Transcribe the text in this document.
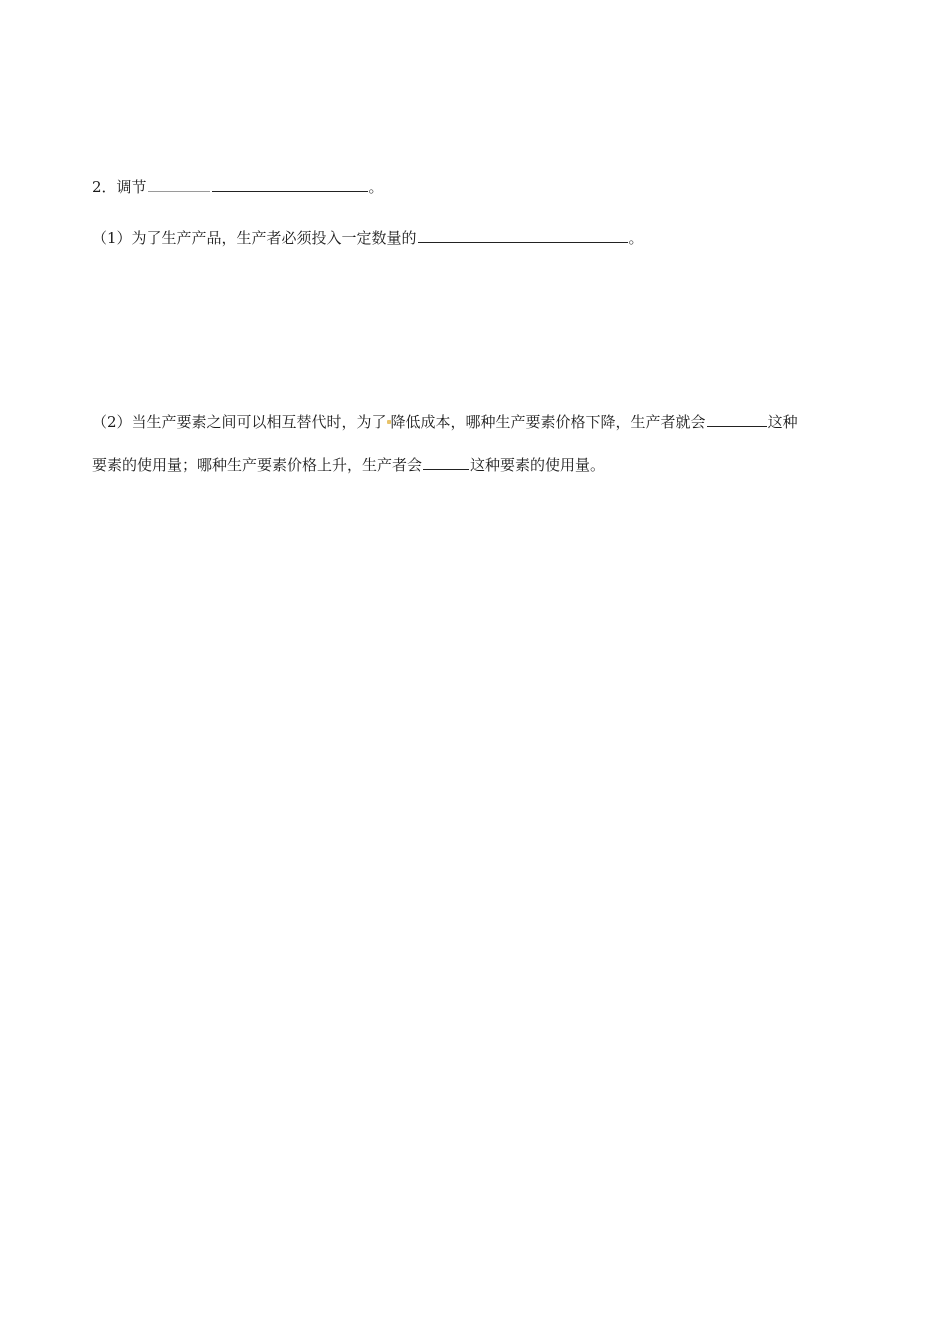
2．调节	。
（1）为了生产产品，生产者必须投入一定数量的	。
（2）当生产要素之间可以相互替代时，为了 降低成本，哪种生产要素价格下降，生产者就会	这种
要素的使用量；哪种生产要素价格上升，生产者会	这种要素的使用量。
